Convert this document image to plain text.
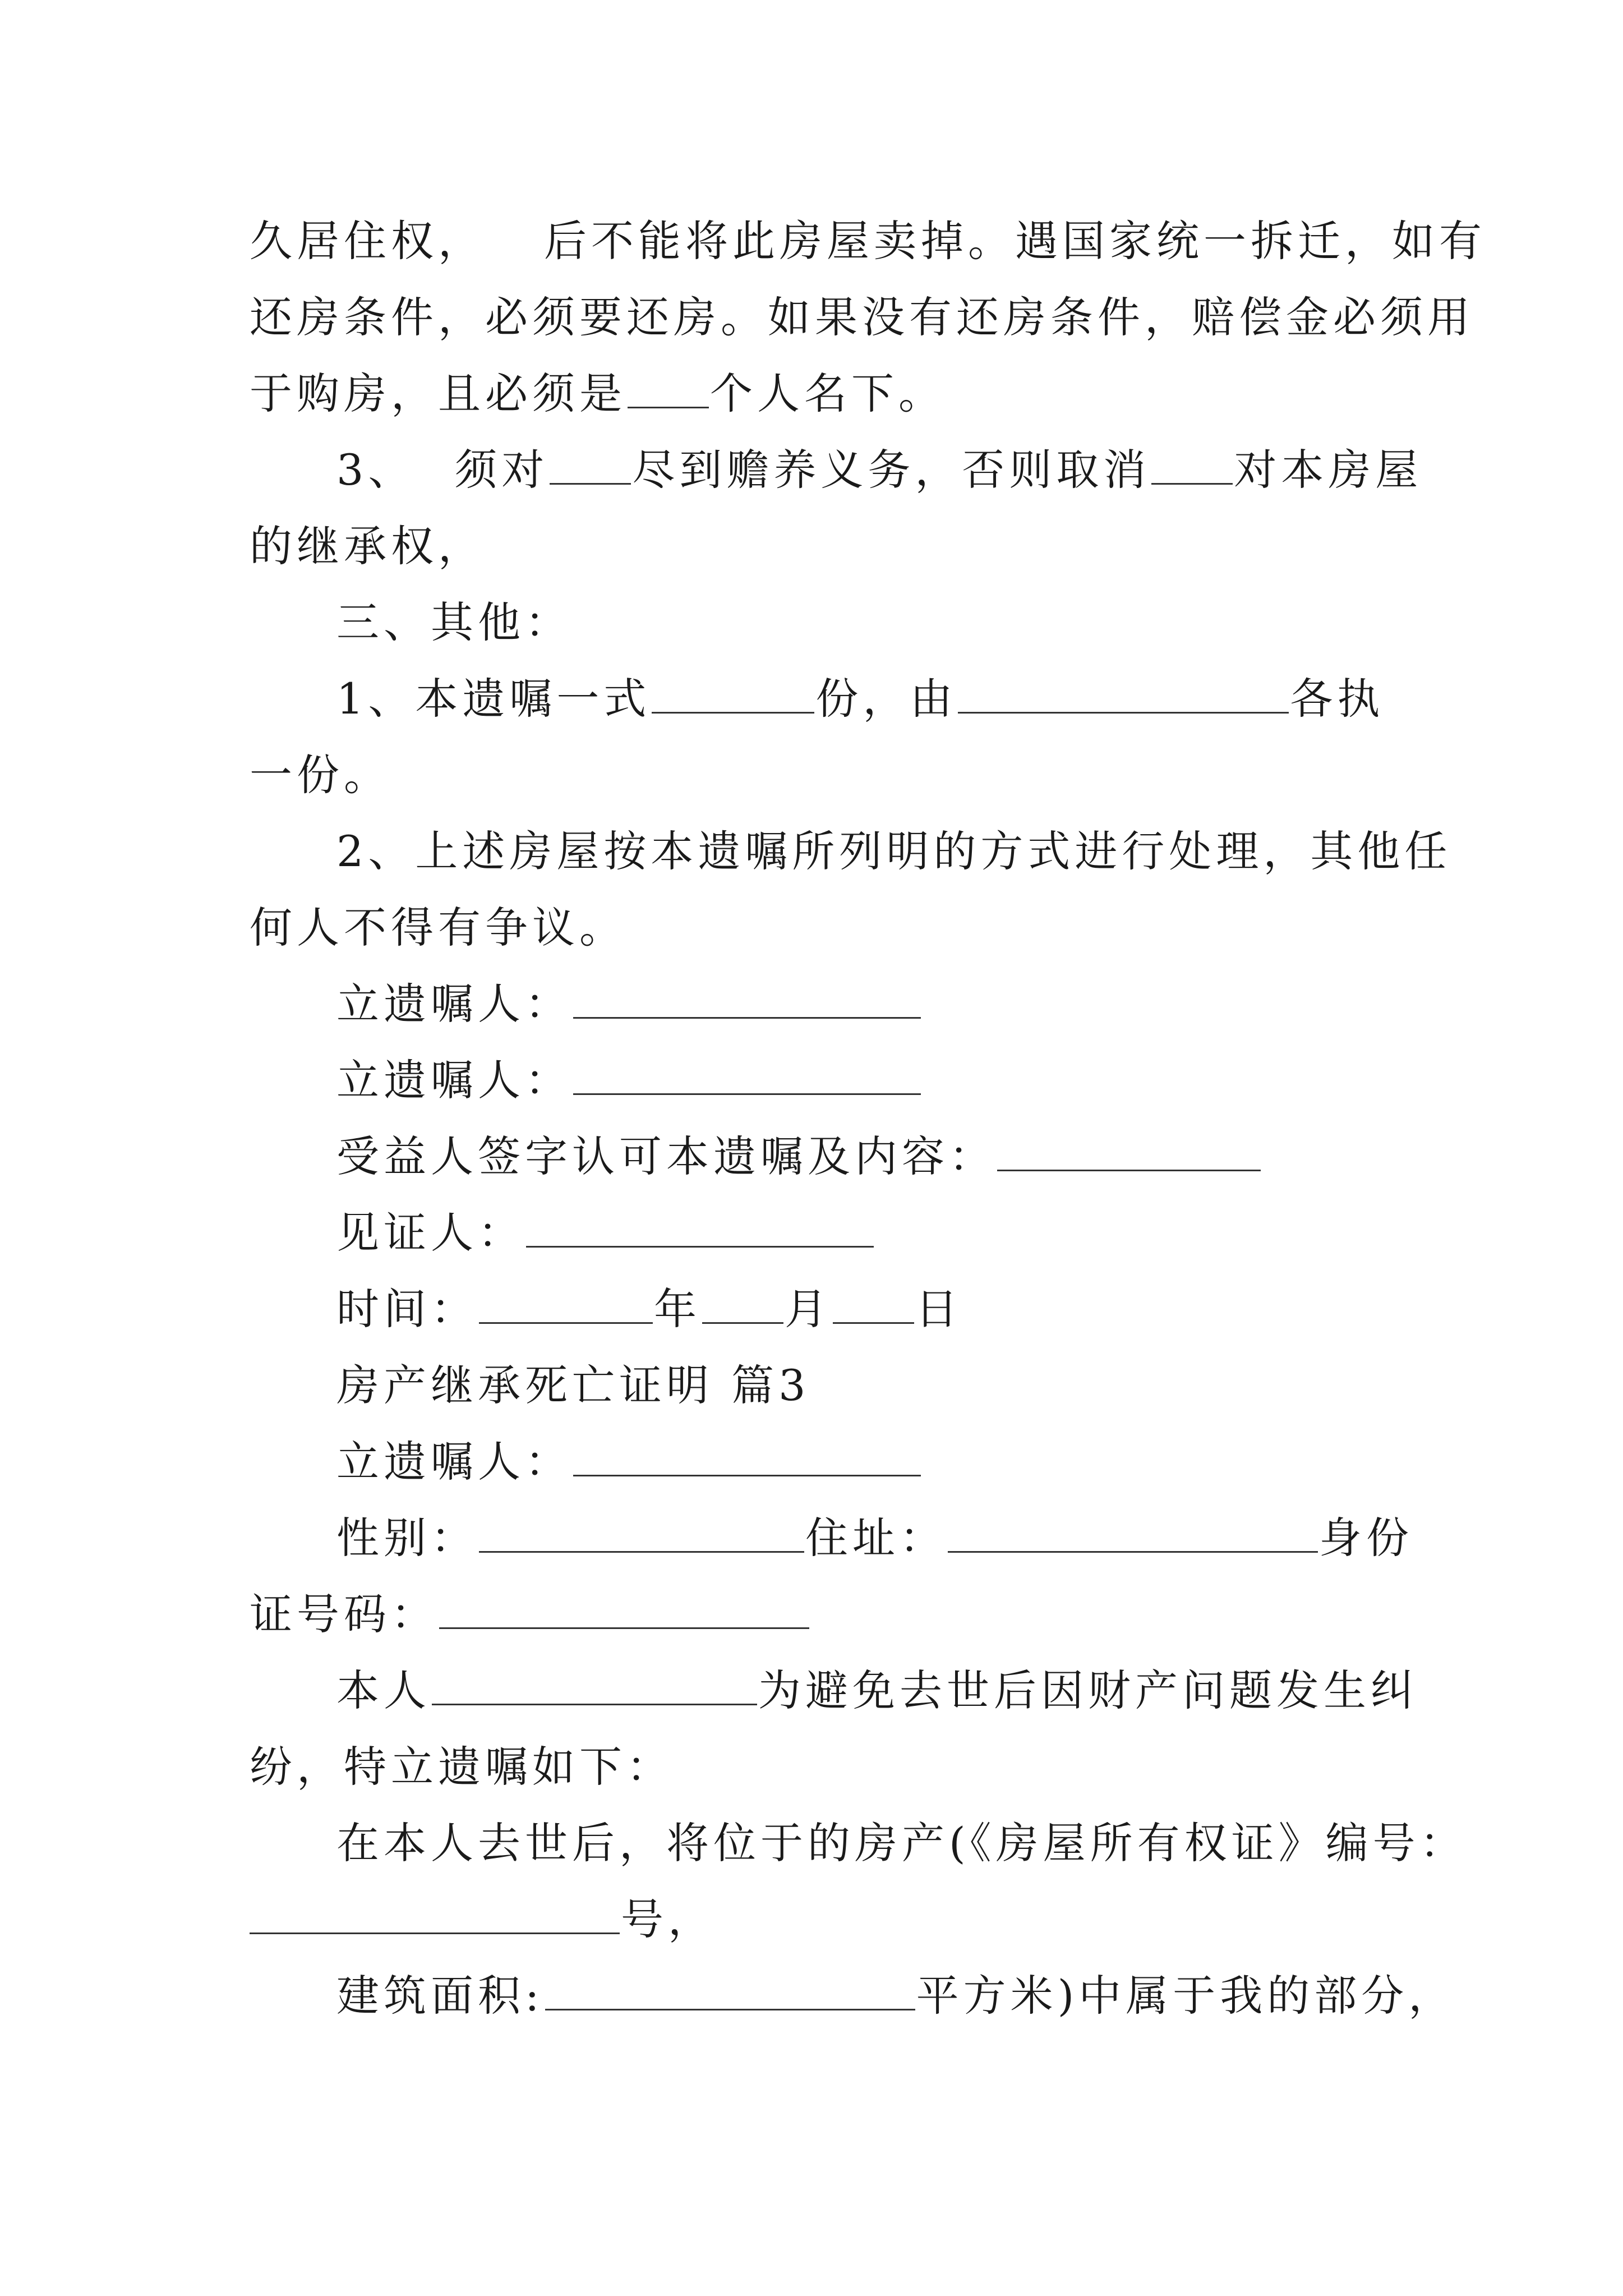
久居住权， 后不能将此房屋卖掉。遇国家统一拆迁，如有
还房条件，必须要还房。如果没有还房条件，赔偿金必须用
于购房，且必须是 个人名下。
3、 须对 尽到赡养义务，否则取消 对本房屋
的继承权，
三、其他：
1、本遗嘱一式	份，由	各执
一份。
2、上述房屋按本遗嘱所列明的方式进行处理，其他任
何人不得有争议。
立遗嘱人：
立遗嘱人：
受益人签字认可本遗嘱及内容：
见证人：
时间：	年 月 日
房产继承死亡证明 篇3
立遗嘱人：
性别：	住址：	身份
证号码：
本人	为避免去世后因财产问题发生纠
纷，特立遗嘱如下：
在本人去世后，将位于的房产(《房屋所有权证》编号：
号，
建筑面积:	平方米)中属于我的部分，
